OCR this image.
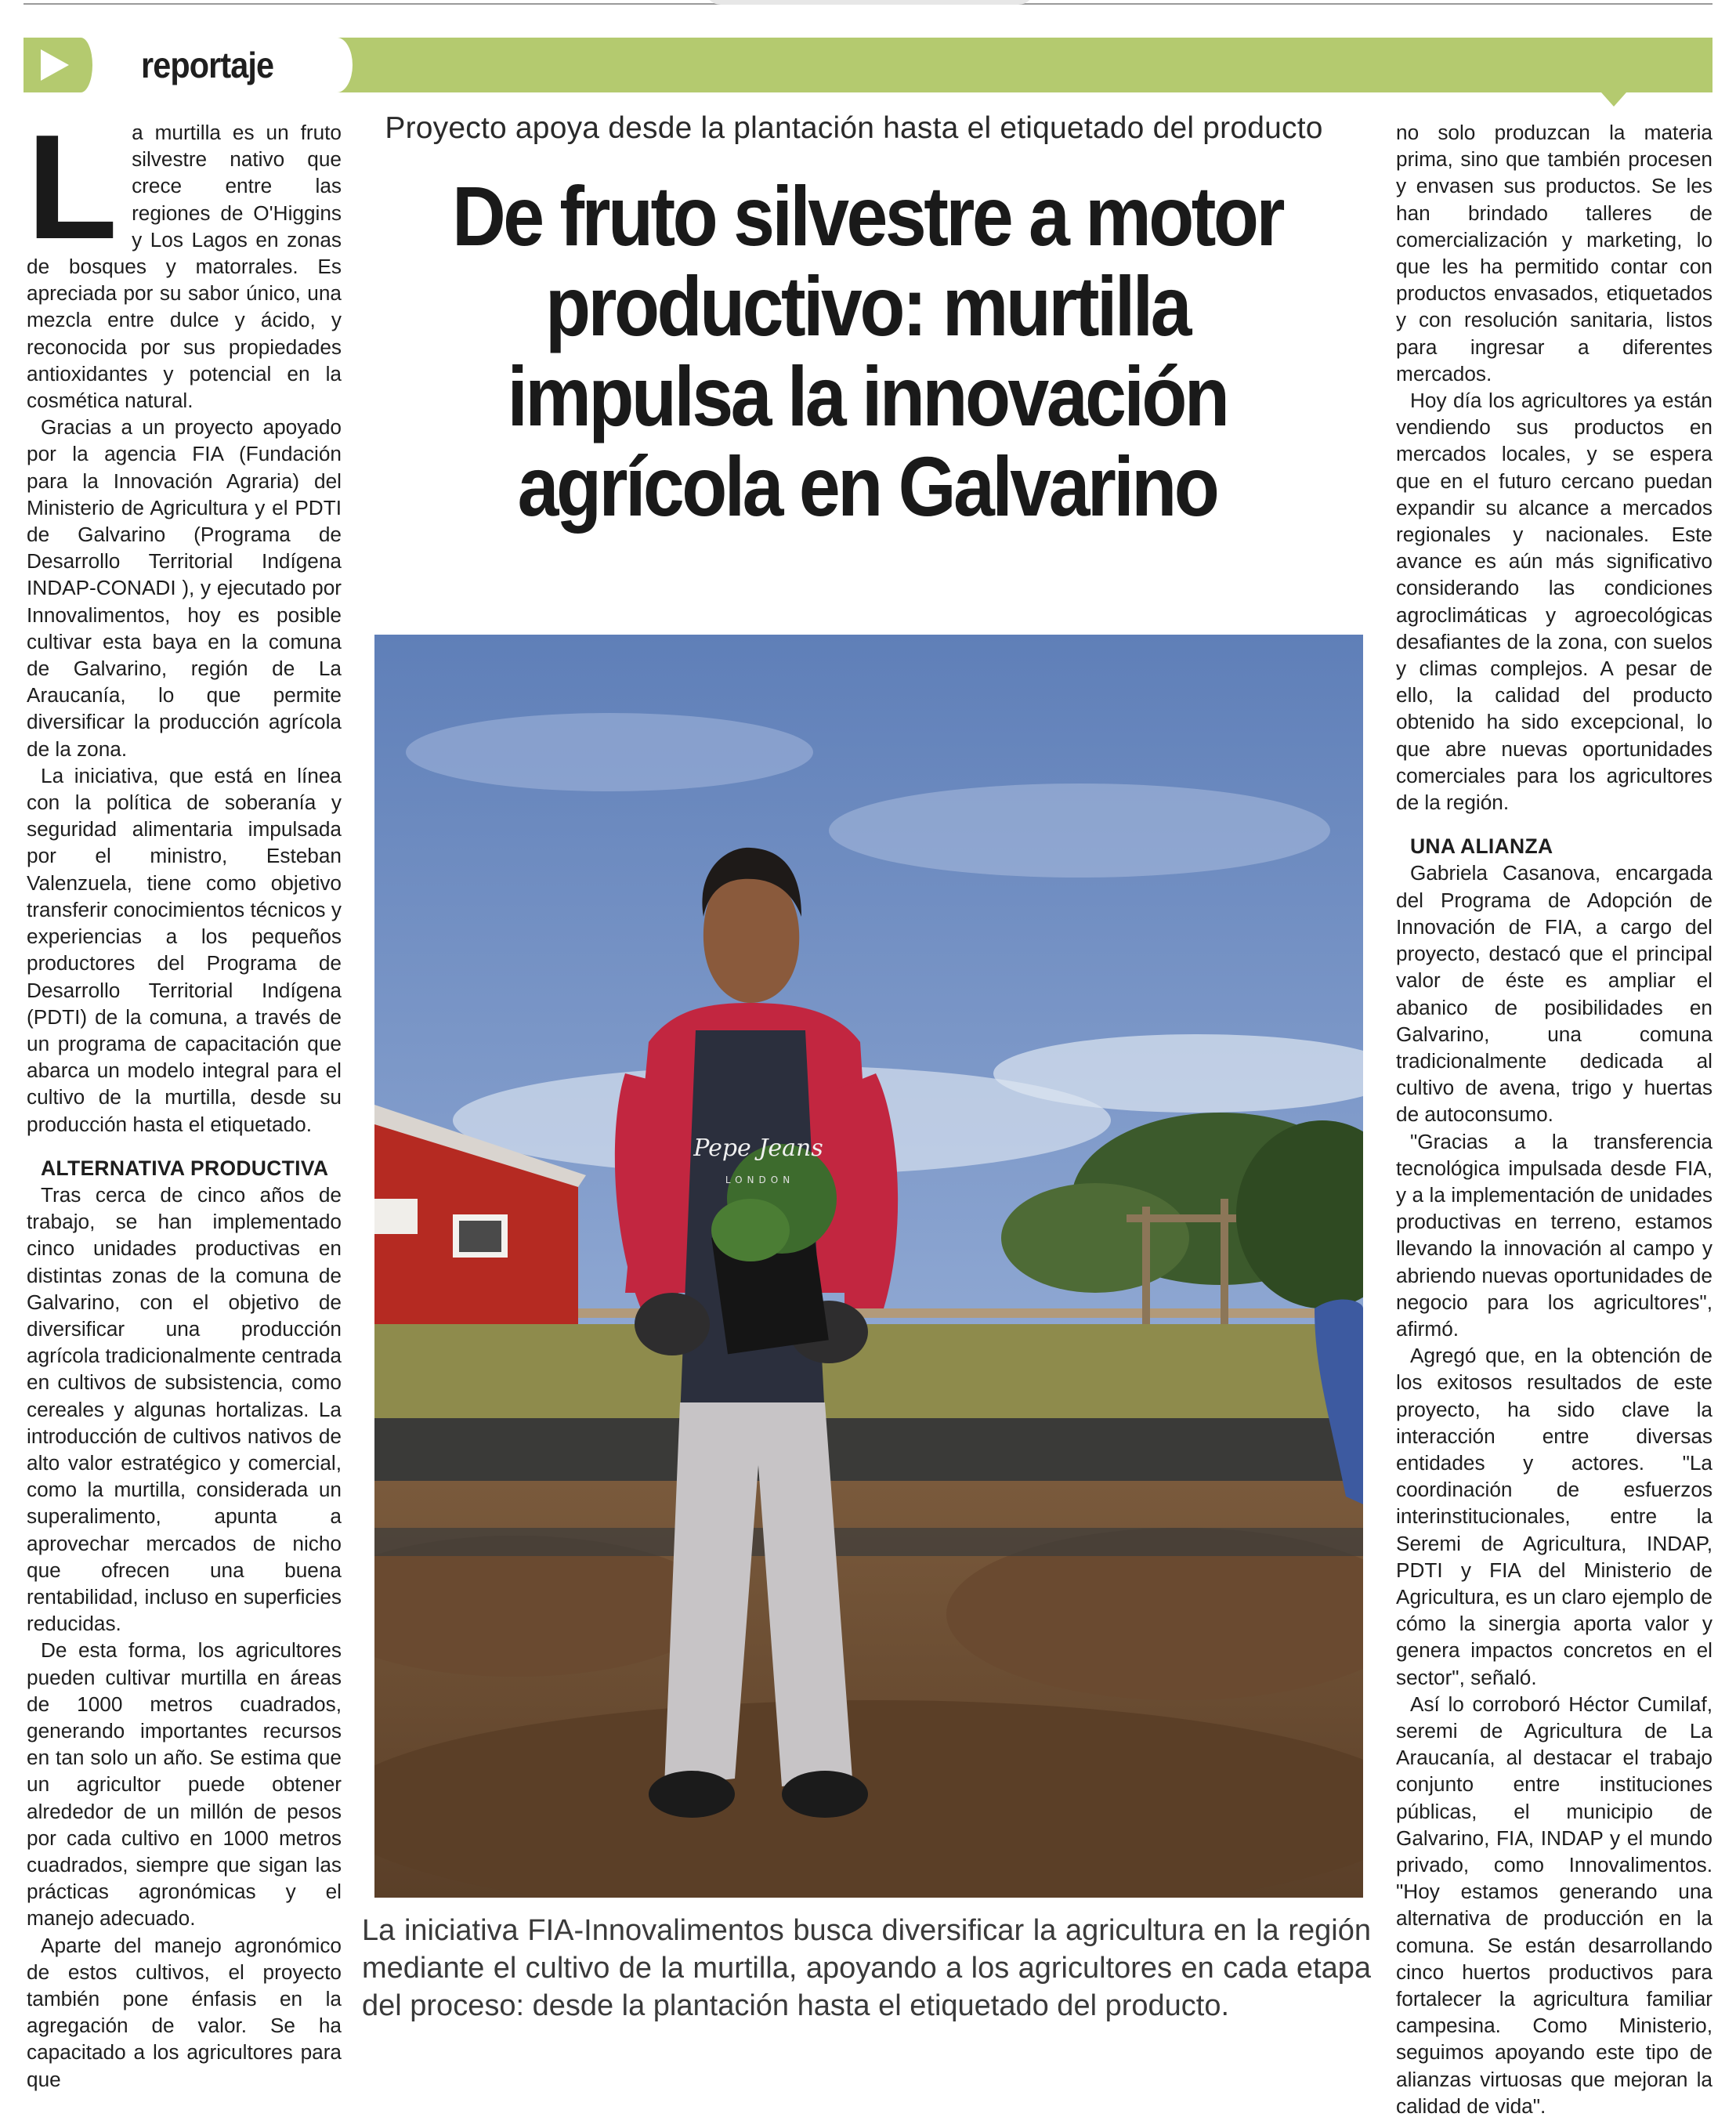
reportaje

La murtilla es un fruto silvestre nativo que crece entre las regiones de O'Higgins y Los Lagos en zonas de bosques y matorrales. Es apreciada por su sabor único, una mezcla entre dulce y ácido, y reconocida por sus propiedades antioxidantes y potencial en la cosmética natural.

Gracias a un proyecto apoyado por la agencia FIA (Fundación para la Innovación Agraria) del Ministerio de Agricultura y el PDTI de Galvarino (Programa de Desarrollo Territorial Indígena INDAP-CONADI ), y ejecutado por Innovalimentos, hoy es posible cultivar esta baya en la comuna de Galvarino, región de La Araucanía, lo que permite diversificar la producción agrícola de la zona.

La iniciativa, que está en línea con la política de soberanía y seguridad alimentaria impulsada por el ministro, Esteban Valenzuela, tiene como objetivo transferir conocimientos técnicos y experiencias a los pequeños productores del Programa de Desarrollo Territorial Indígena (PDTI) de la comuna, a través de un programa de capacitación que abarca un modelo integral para el cultivo de la murtilla, desde su producción hasta el etiquetado.

ALTERNATIVA PRODUCTIVA

Tras cerca de cinco años de trabajo, se han implementado cinco unidades productivas en distintas zonas de la comuna de Galvarino, con el objetivo de diversificar una producción agrícola tradicionalmente centrada en cultivos de subsistencia, como cereales y algunas hortalizas. La introducción de cultivos nativos de alto valor estratégico y comercial, como la murtilla, considerada un superalimento, apunta a aprovechar mercados de nicho que ofrecen una buena rentabilidad, incluso en superficies reducidas.

De esta forma, los agricultores pueden cultivar murtilla en áreas de 1000 metros cuadrados, generando importantes recursos en tan solo un año. Se estima que un agricultor puede obtener alrededor de un millón de pesos por cada cultivo en 1000 metros cuadrados, siempre que sigan las prácticas agronómicas y el manejo adecuado.

Aparte del manejo agronómico de estos cultivos, el proyecto también pone énfasis en la agregación de valor. Se ha capacitado a los agricultores para que

Proyecto apoya desde la plantación hasta el etiquetado del producto
De fruto silvestre a motor productivo: murtilla impulsa la innovación agrícola en Galvarino
Pepe Jeans
LONDON
La iniciativa FIA-Innovalimentos busca diversificar la agricultura en la región mediante el cultivo de la murtilla, apoyando a los agricultores en cada etapa del proceso: desde la plantación hasta el etiquetado del producto.

no solo produzcan la materia prima, sino que también procesen y envasen sus productos. Se les han brindado talleres de comercialización y marketing, lo que les ha permitido contar con productos envasados, etiquetados y con resolución sanitaria, listos para ingresar a diferentes mercados.

Hoy día los agricultores ya están vendiendo sus productos en mercados locales, y se espera que en el futuro cercano puedan expandir su alcance a mercados regionales y nacionales. Este avance es aún más significativo considerando las condiciones agroclimáticas y agroecológicas desafiantes de la zona, con suelos y climas complejos. A pesar de ello, la calidad del producto obtenido ha sido excepcional, lo que abre nuevas oportunidades comerciales para los agricultores de la región.

UNA ALIANZA

Gabriela Casanova, encargada del Programa de Adopción de Innovación de FIA, a cargo del proyecto, destacó que el principal valor de éste es ampliar el abanico de posibilidades en Galvarino, una comuna tradicionalmente dedicada al cultivo de avena, trigo y huertas de autoconsumo.

"Gracias a la transferencia tecnológica impulsada desde FIA, y a la implementación de unidades productivas en terreno, estamos llevando la innovación al campo y abriendo nuevas oportunidades de negocio para los agricultores", afirmó.

Agregó que, en la obtención de los exitosos resultados de este proyecto, ha sido clave la interacción entre diversas entidades y actores. "La coordinación de esfuerzos interinstitucionales, entre la Seremi de Agricultura, INDAP, PDTI y FIA del Ministerio de Agricultura, es un claro ejemplo de cómo la sinergia aporta valor y genera impactos concretos en el sector", señaló.

Así lo corroboró Héctor Cumilaf, seremi de Agricultura de La Araucanía, al destacar el trabajo conjunto entre instituciones públicas, el municipio de Galvarino, FIA, INDAP y el mundo privado, como Innovalimentos. "Hoy estamos generando una alternativa de producción en la comuna. Se están desarrollando cinco huertos productivos para fortalecer la agricultura familiar campesina. Como Ministerio, seguimos apoyando este tipo de alianzas virtuosas que mejoran la calidad de vida".
